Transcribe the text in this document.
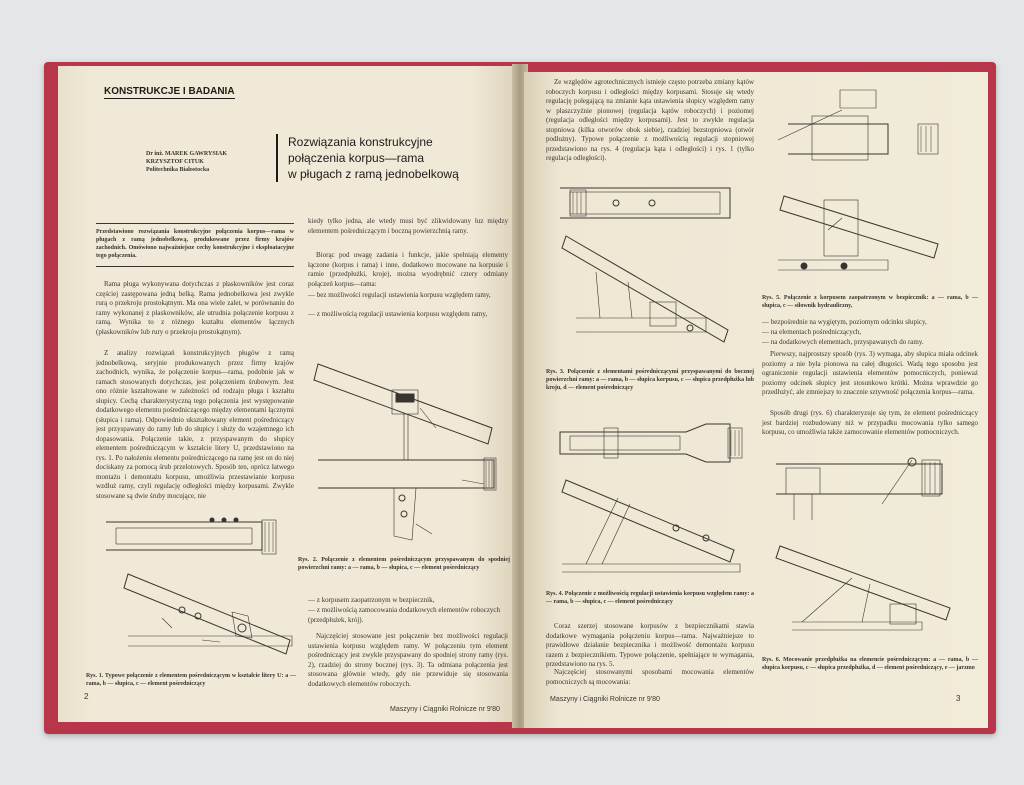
KONSTRUKCJE I BADANIA
Dr inż. MAREK GAWRYSIAK
KRZYSZTOF CITUK
Politechnika Białostocka
Rozwiązania konstrukcyjne
połączenia korpus—rama
w pługach z ramą jednobelkową
Przedstawiono rozwiązania konstrukcyjne połączenia korpus—rama w pługach z ramą jednobelkową, produkowane przez firmy krajów zachodnich. Omówiono najważniejsze cechy konstrukcyjne i eksploatacyjne tego połączenia.
Rama pługa wykonywana dotychczas z płaskowników jest coraz częściej zastępowana jedną belką. Rama jednobelkowa jest zwykle rurą o przekroju prostokątnym. Ma ona wiele zalet, w porównaniu do ramy wykonanej z płaskowników, ale utrudnia połączenie korpusu z ramą. Wynika to z różnego kształtu elementów łącznych (płaskowników lub rury o przekroju prostokątnym).
Z analizy rozwiązań konstrukcyjnych pługów z ramą jednobelkową, seryjnie produkowanych przez firmy krajów zachodnich, wynika, że połączenie korpus—rama, podobnie jak w ramach stosowanych dotychczas, jest połączeniem śrubowym. Jest ono różnie kształtowane w zależności od rodzaju pługa i kształtu słupicy. Cechą charakterystyczną tego połączenia jest występowanie dodatkowego elementu pośredniczącego między elementami łącznymi (słupica i rama). Odpowiednio ukształtowany element pośredniczący jest przyspawany do ramy lub do słupicy i służy do wzajemnego ich dopasowania. Połączenie takie, z przyspawanym do słupicy elementem pośredniczącym w kształcie litery U, przedstawiono na rys. 1. Po nałożeniu elementu pośredniczącego na ramę jest on do niej dociskany za pomocą śrub przelotowych. Sposób ten, oprócz łatwego montażu i demontażu korpusu, umożliwia przestawianie korpusu wzdłuż ramy, czyli regulację odległości między korpusami. Zwykle stosowane są dwie śruby mocujące, nie
kiedy tylko jedna, ale wtedy musi być zlikwidowany luz między elementem pośredniczącym i boczną powierzchnią ramy.
Biorąc pod uwagę zadania i funkcje, jakie spełniają elementy łączone (korpus i rama) i inne, dodatkowo mocowane na korpusie i ramie (przedpłużki, kroje), można wyodrębnić cztery odmiany połączeń korpus—rama:
— bez możliwości regulacji ustawienia korpusu względem ramy,
— z możliwością regulacji ustawienia korpusu względem ramy,
Rys. 2. Połączenie z elementem pośredniczącym przyspawanym do spodniej powierzchni ramy: a — rama, b — słupica, c — element pośredniczący
— z korpusem zaopatrzonym w bezpiecznik,
— z możliwością zamocowania dodatkowych elementów roboczych (przedpłużek, krój).
Najczęściej stosowane jest połączenie bez możliwości regulacji ustawienia korpusu względem ramy. W połączeniu tym element pośredniczący jest zwykle przyspawany do spodniej strony ramy (rys. 2), rzadziej do strony bocznej (rys. 3). Ta odmiana połączenia jest stosowana głównie wtedy, gdy nie przewiduje się stosowania dodatkowych elementów roboczych.
Rys. 1. Typowe połączenie z elementem pośredniczącym w kształcie litery U: a — rama, b — słupica, c — element pośredniczący
2
Maszyny i Ciągniki Rolnicze nr 9'80
Ze względów agrotechnicznych istnieje często potrzeba zmiany kątów roboczych korpusu i odległości między korpusami. Stosuje się wtedy regulację polegającą na zmianie kąta ustawienia słupicy względem ramy w płaszczyźnie pionowej (regulacja kątów roboczych) i poziomej (regulacja odległości między korpusami). Jest to zwykle regulacja stopniowa (kilka otworów obok siebie), rzadziej bezstopniowa (otwór podłużny). Typowe połączenie z możliwością regulacji stopniowej przedstawiono na rys. 4 (regulacja kąta i odległości) i rys. 1 (tylko regulacja odległości).
Rys. 3. Połączenie z elementami pośredniczącymi przyspawanymi do bocznej powierzchni ramy: a — rama, b — słupica korpusu, c — słupica przedpłużka lub kroju, d — element pośredniczący
Rys. 4. Połączenie z możliwością regulacji ustawienia korpusu względem ramy: a — rama, b — słupica, c — element pośredniczący
Coraz szerzej stosowane korpusów z bezpiecznikami stawia dodatkowe wymagania połączeniu korpus—rama. Najważniejsze to prawidłowe działanie bezpiecznika i możliwość demontażu korpusu razem z bezpiecznikiem. Typowe połączenie, spełniające te wymagania, przedstawiono na rys. 5.
Najczęściej stosowanymi sposobami mocowania elementów pomocniczych są mocowania:
Rys. 5. Połączenie z korpusem zaopatrzonym w bezpiecznik: a — rama, b — słupica, c — siłownik hydrauliczny,
— bezpośrednie na wygiętym, poziomym odcinku słupicy,
— na elementach pośredniczących,
— na dodatkowych elementach, przyspawanych do ramy.
Pierwszy, najprostszy sposób (rys. 3) wymaga, aby słupica miała odcinek poziomy a nie była pionowa na całej długości. Wadą tego sposobu jest ograniczenie regulacji ustawienia elementów pomocniczych, ponieważ poziomy odcinek słupicy jest stosunkowo krótki. Można wprawdzie go przedłużyć, ale zmniejszy to znacznie sztywność połączenia korpus—rama.
Sposób drugi (rys. 6) charakteryzuje się tym, że element pośredniczący jest bardziej rozbudowany niż w przypadku mocowania tylko samego korpusu, co umożliwia także zamocowanie elementów pomocniczych.
Rys. 6. Mocowanie przedpłużka na elemencie pośredniczącym: a — rama, b — słupica korpusu, c — słupica przedpłużka, d — element pośredniczący, e — jarzmo
Maszyny i Ciągniki Rolnicze nr 9'80	3
